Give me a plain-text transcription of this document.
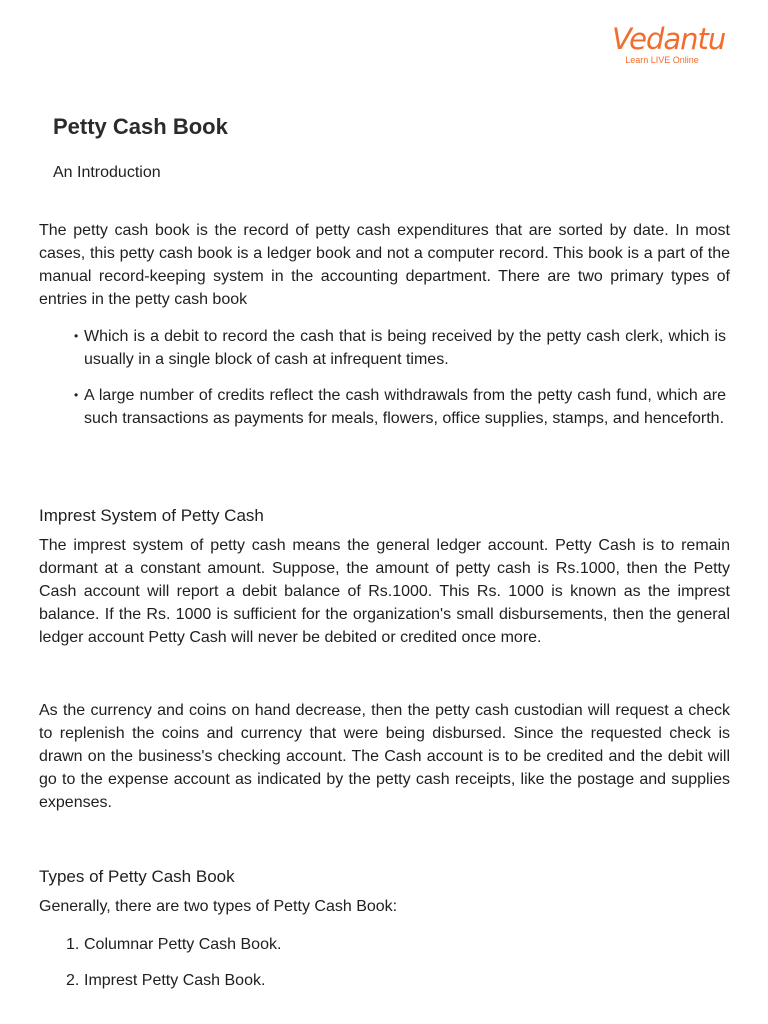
Vedantu
Learn LIVE Online
Petty Cash Book
An Introduction

The petty cash book is the record of petty cash expenditures that are sorted by date. In most cases, this petty cash book is a ledger book and not a computer record. This book is a part of the manual record-keeping system in the accounting department. There are two primary types of entries in the petty cash book

• Which is a debit to record the cash that is being received by the petty cash clerk, which is usually in a single block of cash at infrequent times.
• A large number of credits reflect the cash withdrawals from the petty cash fund, which are such transactions as payments for meals, flowers, office supplies, stamps, and henceforth.
Imprest System of Petty Cash

The imprest system of petty cash means the general ledger account. Petty Cash is to remain dormant at a constant amount. Suppose, the amount of petty cash is Rs.1000, then the Petty Cash account will report a debit balance of Rs.1000. This Rs. 1000 is known as the imprest balance. If the Rs. 1000 is sufficient for the organization's small disbursements, then the general ledger account Petty Cash will never be debited or credited once more.

As the currency and coins on hand decrease, then the petty cash custodian will request a check to replenish the coins and currency that were being disbursed. Since the requested check is drawn on the business's checking account. The Cash account is to be credited and the debit will go to the expense account as indicated by the petty cash receipts, like the postage and supplies expenses.

Types of Petty Cash Book

Generally, there are two types of Petty Cash Book:

1. Columnar Petty Cash Book.
2. Imprest Petty Cash Book.
